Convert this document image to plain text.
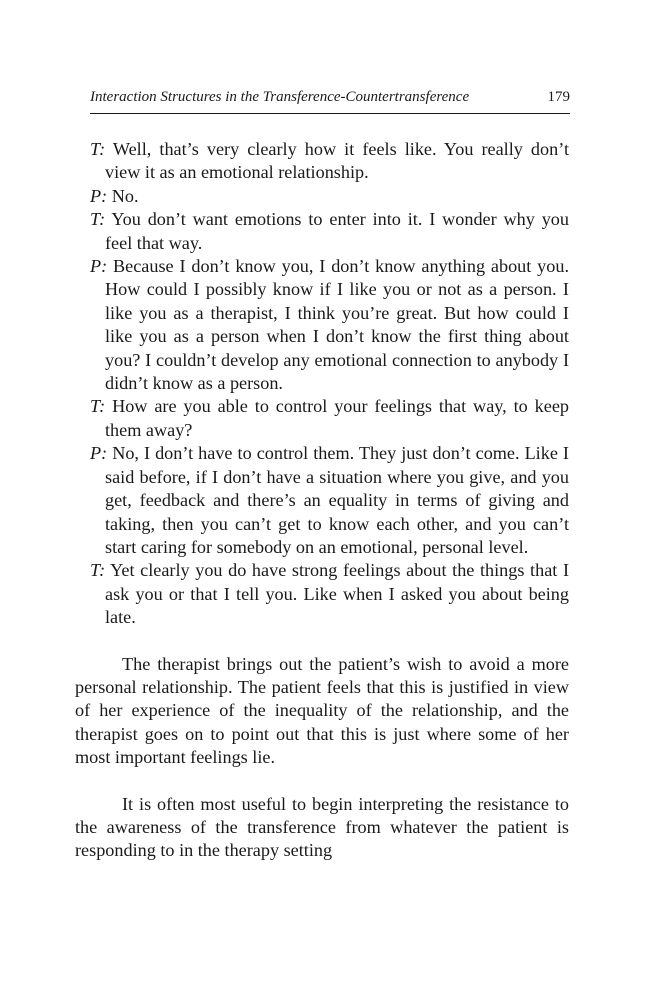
Interaction Structures in the Transference-Countertransference	179

T: Well, that’s very clearly how it feels like. You really don’t view it as an emotional relationship.

P: No.

T: You don’t want emotions to enter into it. I wonder why you feel that way.

P: Because I don’t know you, I don’t know anything about you. How could I possibly know if I like you or not as a person. I like you as a therapist, I think you’re great. But how could I like you as a person when I don’t know the first thing about you? I couldn’t develop any emotional connection to anybody I didn’t know as a person.

T: How are you able to control your feelings that way, to keep them away?

P: No, I don’t have to control them. They just don’t come. Like I said before, if I don’t have a situation where you give, and you get, feedback and there’s an equality in terms of giving and taking, then you can’t get to know each other, and you can’t start caring for somebody on an emotional, personal level.

T: Yet clearly you do have strong feelings about the things that I ask you or that I tell you. Like when I asked you about being late.

The therapist brings out the patient’s wish to avoid a more personal relationship. The patient feels that this is justified in view of her experience of the inequality of the relationship, and the therapist goes on to point out that this is just where some of her most important feelings lie.

It is often most useful to begin interpreting the resistance to the awareness of the transference from whatever the patient is responding to in the therapy setting
